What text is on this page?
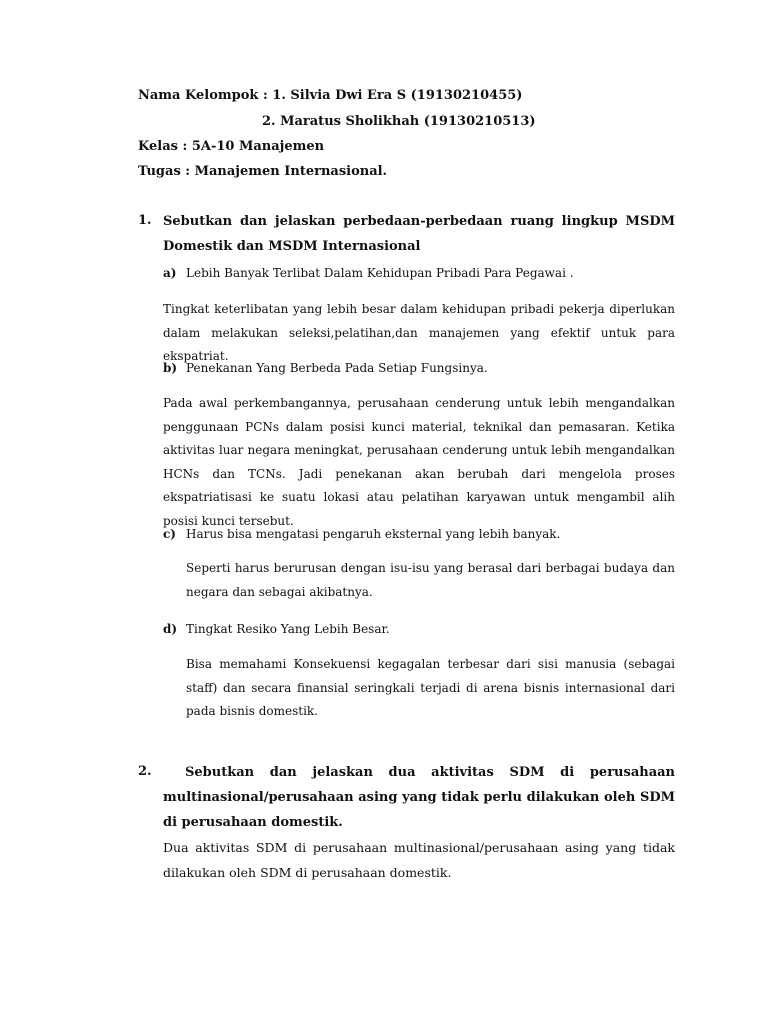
Nama Kelompok : 1. Silvia Dwi Era S (19130210455)
2. Maratus Sholikhah (19130210513)
Kelas : 5A-10 Manajemen
Tugas : Manajemen Internasional.
1. Sebutkan dan jelaskan perbedaan-perbedaan ruang lingkup MSDM Domestik dan MSDM Internasional
a) Lebih Banyak Terlibat Dalam Kehidupan Pribadi Para Pegawai .
Tingkat keterlibatan yang lebih besar dalam kehidupan pribadi pekerja diperlukan dalam melakukan seleksi,pelatihan,dan manajemen yang efektif untuk para ekspatriat.
b) Penekanan Yang Berbeda Pada Setiap Fungsinya.
Pada awal perkembangannya, perusahaan cenderung untuk lebih mengandalkan penggunaan PCNs dalam posisi kunci material, teknikal dan pemasaran. Ketika aktivitas luar negara meningkat, perusahaan cenderung untuk lebih mengandalkan HCNs dan TCNs. Jadi penekanan akan berubah dari mengelola proses ekspatriatisasi ke suatu lokasi atau pelatihan karyawan untuk mengambil alih posisi kunci tersebut.
c) Harus bisa mengatasi pengaruh eksternal yang lebih banyak.
Seperti harus berurusan dengan isu-isu yang berasal dari berbagai budaya dan negara dan sebagai akibatnya.
d) Tingkat Resiko Yang Lebih Besar.
Bisa memahami Konsekuensi kegagalan terbesar dari sisi manusia (sebagai staff) dan secara finansial seringkali terjadi di arena bisnis internasional dari pada bisnis domestik.
2.	Sebutkan dan jelaskan dua aktivitas SDM di perusahaan multinasional/perusahaan asing yang tidak perlu dilakukan oleh SDM di perusahaan domestik.
Dua aktivitas SDM di perusahaan multinasional/perusahaan asing yang tidak dilakukan oleh SDM di perusahaan domestik.
